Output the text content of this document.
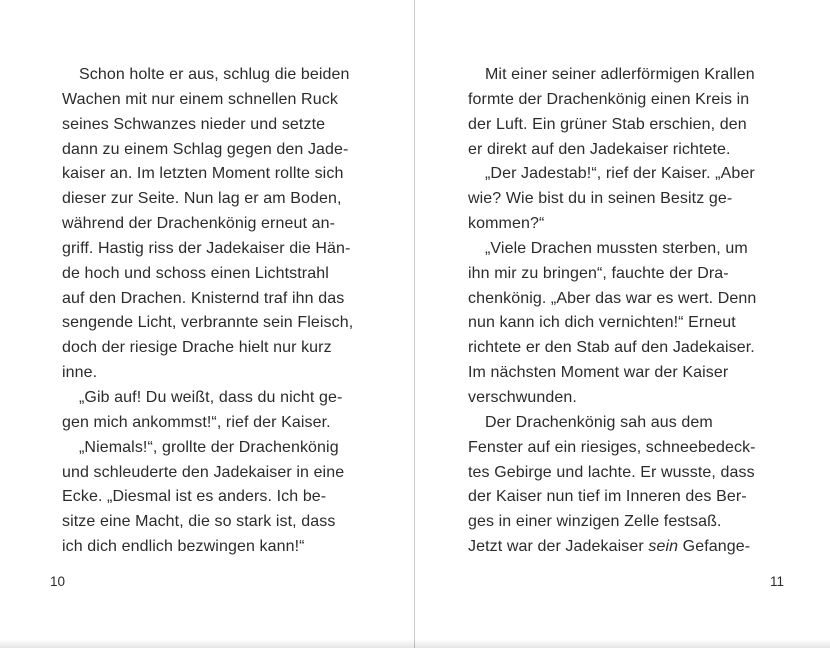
Schon holte er aus, schlug die beiden
Wachen mit nur einem schnellen Ruck
seines Schwanzes nieder und setzte
dann zu einem Schlag gegen den Jade-
kaiser an. Im letzten Moment rollte sich
dieser zur Seite. Nun lag er am Boden,
während der Drachenkönig erneut an-
griff. Hastig riss der Jadekaiser die Hän-
de hoch und schoss einen Lichtstrahl
auf den Drachen. Knisternd traf ihn das
sengende Licht, verbrannte sein Fleisch,
doch der riesige Drache hielt nur kurz
inne.
„Gib auf! Du weißt, dass du nicht ge-
gen mich ankommst!“, rief der Kaiser.
„Niemals!“, grollte der Drachenkönig
und schleuderte den Jadekaiser in eine
Ecke. „Diesmal ist es anders. Ich be-
sitze eine Macht, die so stark ist, dass
ich dich endlich bezwingen kann!“
10
Mit einer seiner adlerförmigen Krallen
formte der Drachenkönig einen Kreis in
der Luft. Ein grüner Stab erschien, den
er direkt auf den Jadekaiser richtete.
„Der Jadestab!“, rief der Kaiser. „Aber
wie? Wie bist du in seinen Besitz ge-
kommen?“
„Viele Drachen mussten sterben, um
ihn mir zu bringen“, fauchte der Dra-
chenkönig. „Aber das war es wert. Denn
nun kann ich dich vernichten!“ Erneut
richtete er den Stab auf den Jadekaiser.
Im nächsten Moment war der Kaiser
verschwunden.
Der Drachenkönig sah aus dem
Fenster auf ein riesiges, schneebedeck-
tes Gebirge und lachte. Er wusste, dass
der Kaiser nun tief im Inneren des Ber-
ges in einer winzigen Zelle festsaß.
Jetzt war der Jadekaiser sein Gefange-
11
